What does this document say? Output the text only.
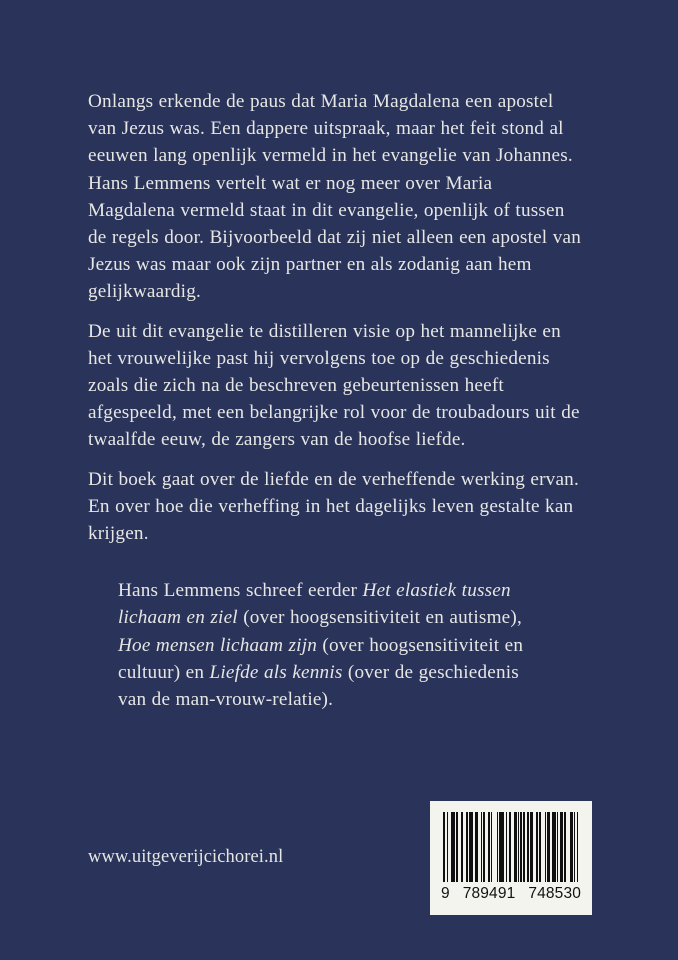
Onlangs erkende de paus dat Maria Magdalena een apostel van Jezus was. Een dappere uitspraak, maar het feit stond al eeuwen lang openlijk vermeld in het evangelie van Johannes. Hans Lemmens vertelt wat er nog meer over Maria Magdalena vermeld staat in dit evangelie, openlijk of tussen de regels door. Bijvoorbeeld dat zij niet alleen een apostel van Jezus was maar ook zijn partner en als zodanig aan hem gelijkwaardig.

De uit dit evangelie te distilleren visie op het mannelijke en het vrouwelijke past hij vervolgens toe op de geschiedenis zoals die zich na de beschreven gebeurtenissen heeft afgespeeld, met een belangrijke rol voor de troubadours uit de twaalfde eeuw, de zangers van de hoofse liefde.

Dit boek gaat over de liefde en de verheffende werking ervan. En over hoe die verheffing in het dagelijks leven gestalte kan krijgen.

Hans Lemmens schreef eerder Het elastiek tussen lichaam en ziel (over hoogsensitiviteit en autisme), Hoe mensen lichaam zijn (over hoogsensitiviteit en cultuur) en Liefde als kennis (over de geschiedenis van de man-vrouw-relatie).

www.uitgeverijcichorei.nl
9 789491 748530
